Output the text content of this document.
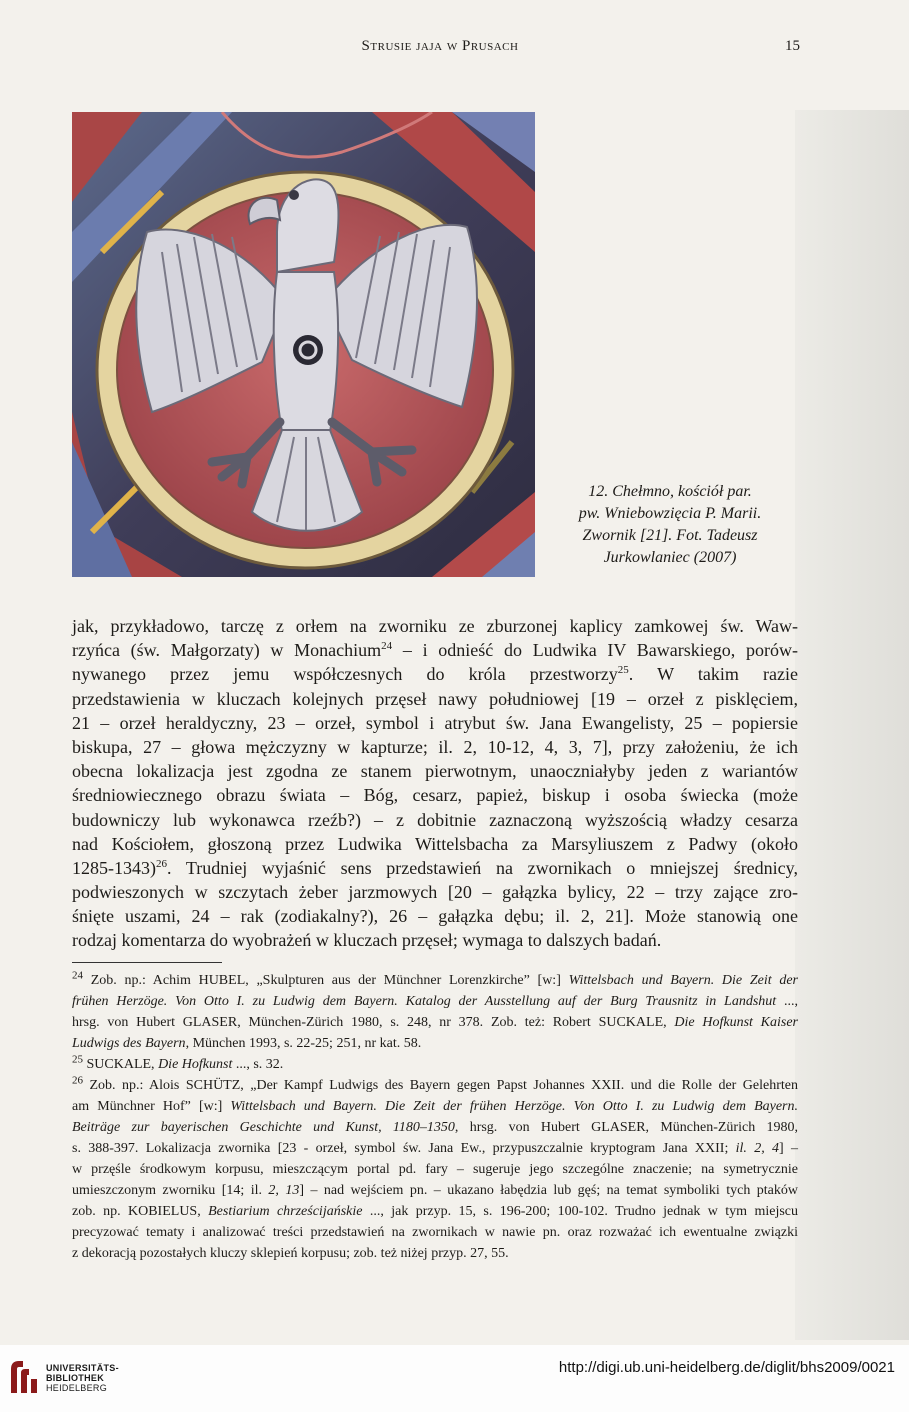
Strusie jaja w Prusach	15
12. Chełmno, kościół par.
pw. Wniebowzięcia P. Marii.
Zwornik [21]. Fot. Tadeusz
Jurkowlaniec (2007)
jak, przykładowo, tarczę z orłem na zworniku ze zburzonej kaplicy zamkowej św. Waw-
rzyńca (św. Małgorzaty) w Monachium$^{24}$ – i odnieść do Ludwika IV Bawarskiego, porów-
nywanego przez jemu współczesnych do króla przestworzy$^{25}$. W takim razie
przedstawienia w kluczach kolejnych przęseł nawy południowej [19 – orzeł z pisklęciem,
21 – orzeł heraldyczny, 23 – orzeł, symbol i atrybut św. Jana Ewangelisty, 25 – popiersie
biskupa, 27 – głowa mężczyzny w kapturze; il. 2, 10-12, 4, 3, 7], przy założeniu, że ich
obecna lokalizacja jest zgodna ze stanem pierwotnym, unaoczniałyby jeden z wariantów
średniowiecznego obrazu świata – Bóg, cesarz, papież, biskup i osoba świecka (może
budowniczy lub wykonawca rzeźb?) – z dobitnie zaznaczoną wyższością władzy cesarza
nad Kościołem, głoszoną przez Ludwika Wittelsbacha za Marsyliuszem z Padwy (około
1285-1343)$^{26}$. Trudniej wyjaśnić sens przedstawień na zwornikach o mniejszej średnicy,
podwieszonych w szczytach żeber jarzmowych [20 – gałązka bylicy, 22 – trzy zające zro-
śnięte uszami, 24 – rak (zodiakalny?), 26 – gałązka dębu; il. 2, 21]. Może stanowią one
rodzaj komentarza do wyobrażeń w kluczach przęseł; wymaga to dalszych badań.
$^{24}$ Zob. np.: Achim HUBEL, „Skulpturen aus der Münchner Lorenzkirche” [w:] Wittelsbach und Bayern. Die Zeit der
frühen Herzöge. Von Otto I. zu Ludwig dem Bayern. Katalog der Ausstellung auf der Burg Trausnitz in Landshut ...,
hrsg. von Hubert GLASER, München-Zürich 1980, s. 248, nr 378. Zob. też: Robert SUCKALE, Die Hofkunst Kaiser
Ludwigs des Bayern, München 1993, s. 22-25; 251, nr kat. 58.
$^{25}$ SUCKALE, Die Hofkunst ..., s. 32.
$^{26}$ Zob. np.: Alois SCHÜTZ, „Der Kampf Ludwigs des Bayern gegen Papst Johannes XXII. und die Rolle der Gelehrten
am Münchner Hof” [w:] Wittelsbach und Bayern. Die Zeit der frühen Herzöge. Von Otto I. zu Ludwig dem Bayern.
Beiträge zur bayerischen Geschichte und Kunst, 1180–1350, hrsg. von Hubert GLASER, München-Zürich 1980,
s. 388-397. Lokalizacja zwornika [23 - orzeł, symbol św. Jana Ew., przypuszczalnie kryptogram Jana XXII; il. 2, 4] –
w przęśle środkowym korpusu, mieszczącym portal pd. fary – sugeruje jego szczególne znaczenie; na symetrycznie
umieszczonym zworniku [14; il. 2, 13] – nad wejściem pn. – ukazano łabędzia lub gęś; na temat symboliki tych ptaków
zob. np. KOBIELUS, Bestiarium chrześcijańskie ..., jak przyp. 15, s. 196-200; 100-102. Trudno jednak w tym miejscu
precyzować tematy i analizować treści przedstawień na zwornikach w nawie pn. oraz rozważać ich ewentualne związki
z dekoracją pozostałych kluczy sklepień korpusu; zob. też niżej przyp. 27, 55.
UNIVERSITÄTS-
BIBLIOTHEK
HEIDELBERG
http://digi.ub.uni-heidelberg.de/diglit/bhs2009/0021
